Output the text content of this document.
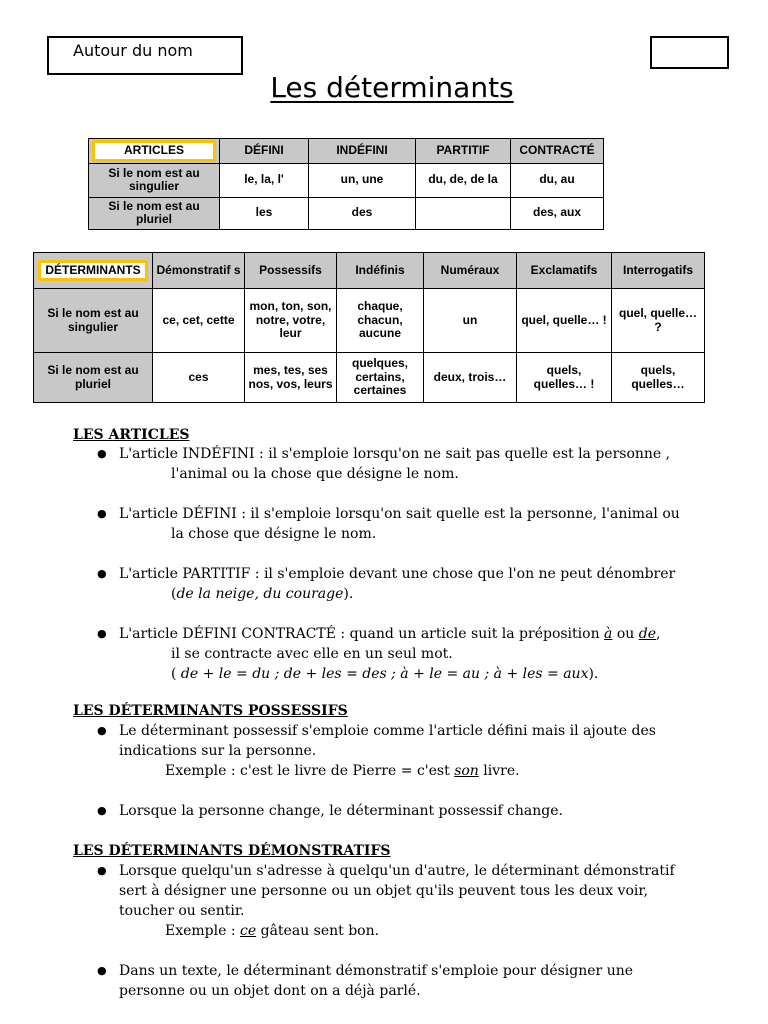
Autour du nom
Les déterminants
ARTICLES	DÉFINI	INDÉFINI	PARTITIF	CONTRACTÉ
Si le nom est au singulier	le, la, l'	un, une	du, de, de la	du, au
Si le nom est au pluriel	les	des		des, aux
DÉTERMINANTS	Démonstratif s	Possessifs	Indéfinis	Numéraux	Exclamatifs	Interrogatifs
Si le nom est au singulier	ce, cet, cette	mon, ton, son, notre, votre, leur	chaque, chacun, aucune	un	quel, quelle… !	quel, quelle… ?
Si le nom est au pluriel	ces	mes, tes, ses nos, vos, leurs	quelques, certains, certaines	deux, trois…	quels, quelles… !	quels, quelles…
LES ARTICLES
● L'article INDÉFINI : il s'emploie lorsqu'on ne sait pas quelle est la personne ,
l'animal ou la chose que désigne le nom.
● L'article DÉFINI : il s'emploie lorsqu'on sait quelle est la personne, l'animal ou
la chose que désigne le nom.
● L'article PARTITIF : il s'emploie devant une chose que l'on ne peut dénombrer
(de la neige, du courage).
● L'article DÉFINI CONTRACTÉ : quand un article suit la préposition à ou de,
il se contracte avec elle en un seul mot.
( de + le = du ; de + les = des ; à + le = au ; à + les = aux).
LES DÉTERMINANTS POSSESSIFS
● Le déterminant possessif s'emploie comme l'article défini mais il ajoute des
indications sur la personne.
Exemple : c'est le livre de Pierre = c'est son livre.
● Lorsque la personne change, le déterminant possessif change.
LES DÉTERMINANTS DÉMONSTRATIFS
● Lorsque quelqu'un s'adresse à quelqu'un d'autre, le déterminant démonstratif
sert à désigner une personne ou un objet qu'ils peuvent tous les deux voir,
toucher ou sentir.
Exemple : ce gâteau sent bon.
● Dans un texte, le déterminant démonstratif s'emploie pour désigner une
personne ou un objet dont on a déjà parlé.
